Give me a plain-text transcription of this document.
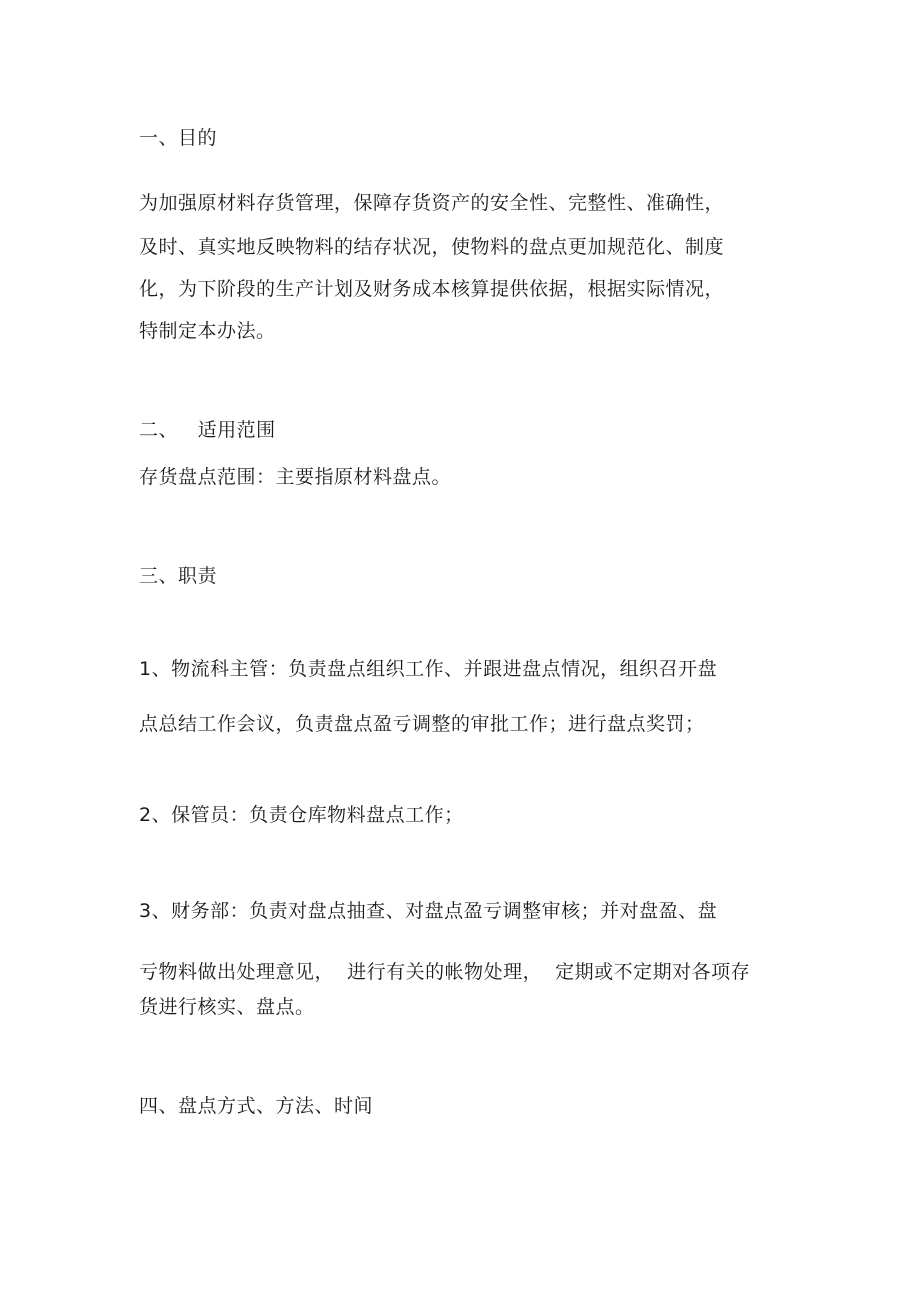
一、目的
为加强原材料存货管理，保障存货资产的安全性、完整性、准确性，
及时、真实地反映物料的结存状况，使物料的盘点更加规范化、制度
化，为下阶段的生产计划及财务成本核算提供依据，根据实际情况，
特制定本办法。
二、   适用范围
存货盘点范围：主要指原材料盘点。
三、职责
1、物流科主管：负责盘点组织工作、并跟进盘点情况，组织召开盘
点总结工作会议，负责盘点盈亏调整的审批工作；进行盘点奖罚；
2、保管员：负责仓库物料盘点工作；
3、财务部：负责对盘点抽查、对盘点盈亏调整审核；并对盘盈、盘
亏物料做出处理意见，  进行有关的帐物处理，  定期或不定期对各项存
货进行核实、盘点。
四、盘点方式、方法、时间
